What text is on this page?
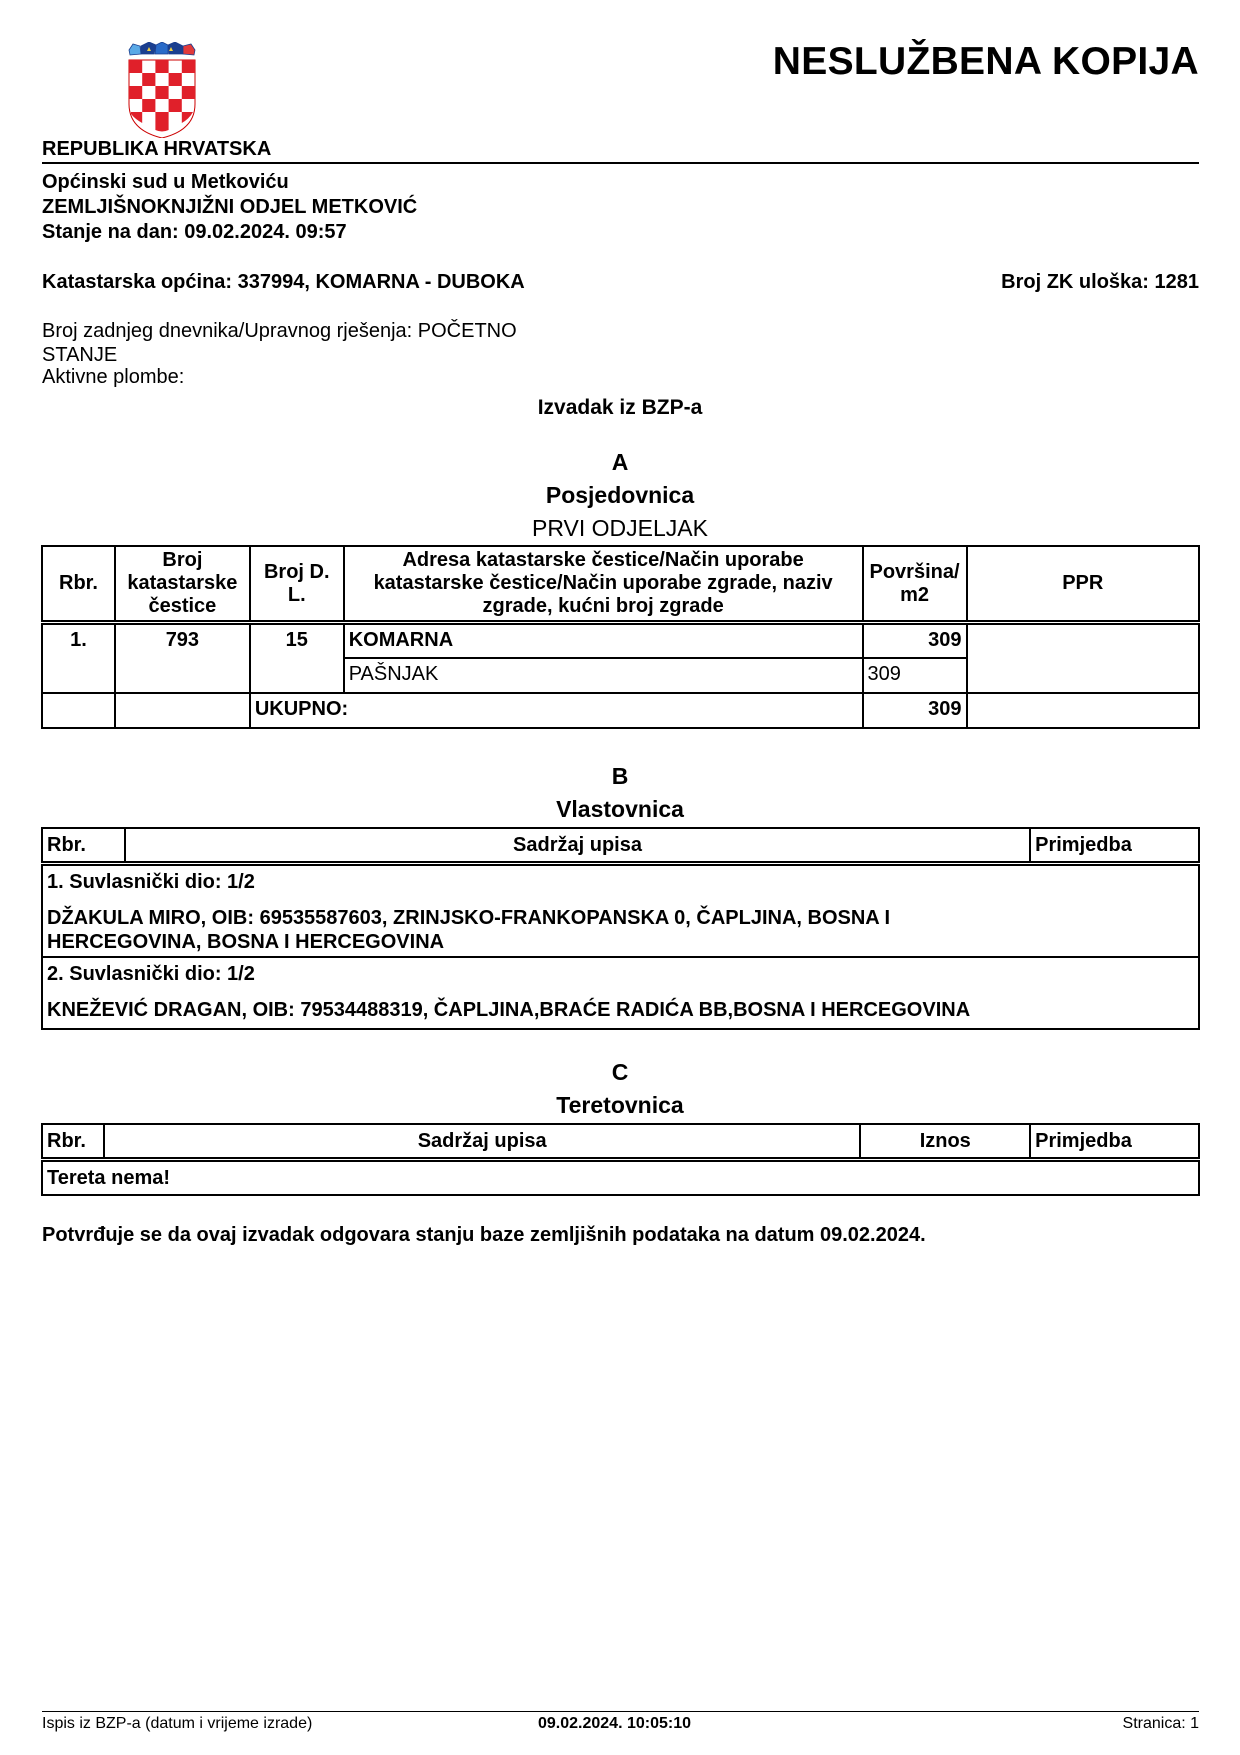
NESLUŽBENA KOPIJA
REPUBLIKA HRVATSKA
Općinski sud u Metkoviću
ZEMLJIŠNOKNJIŽNI ODJEL METKOVIĆ
Stanje na dan: 09.02.2024. 09:57
Katastarska općina: 337994, KOMARNA - DUBOKA	Broj ZK uloška: 1281
Broj zadnjeg dnevnika/Upravnog rješenja: POČETNO
STANJE
Aktivne plombe:
Izvadak iz BZP-a
A
Posjedovnica
PRVI ODJELJAK
Rbr.	Broj katastarske čestice	Broj D. L.	Adresa katastarske čestice/Način uporabe katastarske čestice/Način uporabe zgrade, naziv zgrade, kućni broj zgrade	Površina/ m2	PPR
1.	793	15	KOMARNA	309	
			PAŠNJAK	309	
		UKUPNO:		309	
B
Vlastovnica
Rbr.	Sadržaj upisa	Primjedba

1. Suvlasnički dio: 1/2
DŽAKULA MIRO, OIB: 69535587603, ZRINJSKO-FRANKOPANSKA 0, ČAPLJINA, BOSNA I HERCEGOVINA, BOSNA I HERCEGOVINA

2. Suvlasnički dio: 1/2
KNEŽEVIĆ DRAGAN, OIB: 79534488319, ČAPLJINA,BRAĆE RADIĆA BB,BOSNA I HERCEGOVINA
C
Teretovnica
Rbr.	Sadržaj upisa	Iznos	Primjedba
Tereta nema!
Potvrđuje se da ovaj izvadak odgovara stanju baze zemljišnih podataka na datum 09.02.2024.
Ispis iz BZP-a (datum i vrijeme izrade)	09.02.2024. 10:05:10	Stranica: 1
